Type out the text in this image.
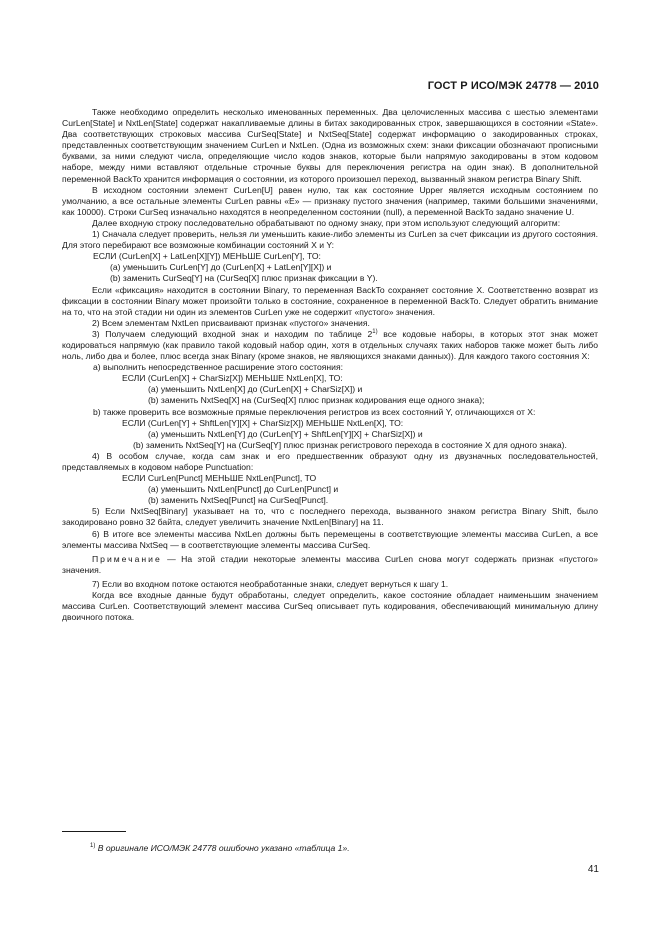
ГОСТ Р ИСО/МЭК 24778 — 2010

Также необходимо определить несколько именованных переменных. Два целочисленных массива с шестью элементами CurLen[State] и NxtLen[State] содержат накапливаемые длины в битах закодированных строк, завершающихся в состоянии «State». Два соответствующих строковых массива CurSeq[State] и NxtSeq[State] содержат информацию о закодированных строках, представленных соответствующим значением CurLen и NxtLen. (Одна из возможных схем: знаки фиксации обозначают прописными буквами, за ними следуют числа, определяющие число кодов знаков, которые были напрямую закодированы в этом кодовом наборе, между ними вставляют отдельные строчные буквы для переключения регистра на один знак). В дополнительной переменной BackTo хранится информация о состоянии, из которого произошел переход, вызванный знаком регистра Binary Shift.

В исходном состоянии элемент CurLen[U] равен нулю, так как состояние Upper является исходным состоянием по умолчанию, а все остальные элементы CurLen равны «E» — признаку пустого значения (например, такими большими значениями, как 10000). Строки CurSeq изначально находятся в неопределенном состоянии (null), а переменной BackTo задано значение U.

Далее входную строку последовательно обрабатывают по одному знаку, при этом используют следующий алгоритм:

1) Сначала следует проверить, нельзя ли уменьшить какие-либо элементы из CurLen за счет фиксации из другого состояния. Для этого перебирают все возможные комбинации состояний X и Y:

ЕСЛИ (CurLen[X] + LatLen[X][Y]) МЕНЬШЕ CurLen[Y], ТО:

(а) уменьшить CurLen[Y] до (CurLen[X] + LatLen[Y][X]) и

(b) заменить CurSeq[Y] на (CurSeq[X] плюс признак фиксации в Y).

Если «фиксация» находится в состоянии Binary, то переменная BackTo сохраняет состояние X. Соответственно возврат из фиксации в состоянии Binary может произойти только в состояние, сохраненное в переменной BackTo. Следует обратить внимание на то, что на этой стадии ни один из элементов CurLen уже не содержит «пустого» значения.

2) Всем элементам NxtLen присваивают признак «пустого» значения.

3) Получаем следующий входной знак и находим по таблице 2$^{1)}$ все кодовые наборы, в которых этот знак может кодироваться напрямую (как правило такой кодовый набор один, хотя в отдельных случаях таких наборов также может быть либо ноль, либо два и более, плюс всегда знак Binary (кроме знаков, не являющихся знаками данных)). Для каждого такого состояния X:

а) выполнить непосредственное расширение этого состояния:

ЕСЛИ (CurLen[X] + CharSiz[X]) МЕНЬШЕ NxtLen[X], ТО:

(а) уменьшить NxtLen[X] до (CurLen[X] + CharSiz[X]) и

(b) заменить NxtSeq[X] на (CurSeq[X] плюс признак кодирования еще одного знака);

b) также проверить все возможные прямые переключения регистров из всех состояний Y, отличающихся от X:

ЕСЛИ (CurLen[Y] + ShftLen[Y][X] + CharSiz[X]) МЕНЬШЕ NxtLen[X], ТО:

(а) уменьшить NxtLen[Y] до (CurLen[Y] + ShftLen[Y][X] + CharSiz[X]) и

(b) заменить NxtSeq[Y] на (CurSeq[Y] плюс признак регистрового перехода в состояние X для одного знака).

4) В особом случае, когда сам знак и его предшественник образуют одну из двузначных последовательностей, представляемых в кодовом наборе Punctuation:

ЕСЛИ CurLen[Punct] МЕНЬШЕ NxtLen[Punct], ТО

(а) уменьшить NxtLen[Punct] до CurLen[Punct] и

(b) заменить NxtSeq[Punct] на CurSeq[Punct].

5) Если NxtSeq[Binary] указывает на то, что с последнего перехода, вызванного знаком регистра Binary Shift, было закодировано ровно 32 байта, следует увеличить значение NxtLen[Binary] на 11.

6) В итоге все элементы массива NxtLen должны быть перемещены в соответствующие элементы массива CurLen, а все элементы массива NxtSeq — в соответствующие элементы массива CurSeq.

Примечание — На этой стадии некоторые элементы массива CurLen снова могут содержать признак «пустого» значения.

7) Если во входном потоке остаются необработанные знаки, следует вернуться к шагу 1.

Когда все входные данные будут обработаны, следует определить, какое состояние обладает наименьшим значением массива CurLen. Соответствующий элемент массива CurSeq описывает путь кодирования, обеспечивающий минимальную длину двоичного потока.

$^{1)}$ В оригинале ИСО/МЭК 24778 ошибочно указано «таблица 1».
41
